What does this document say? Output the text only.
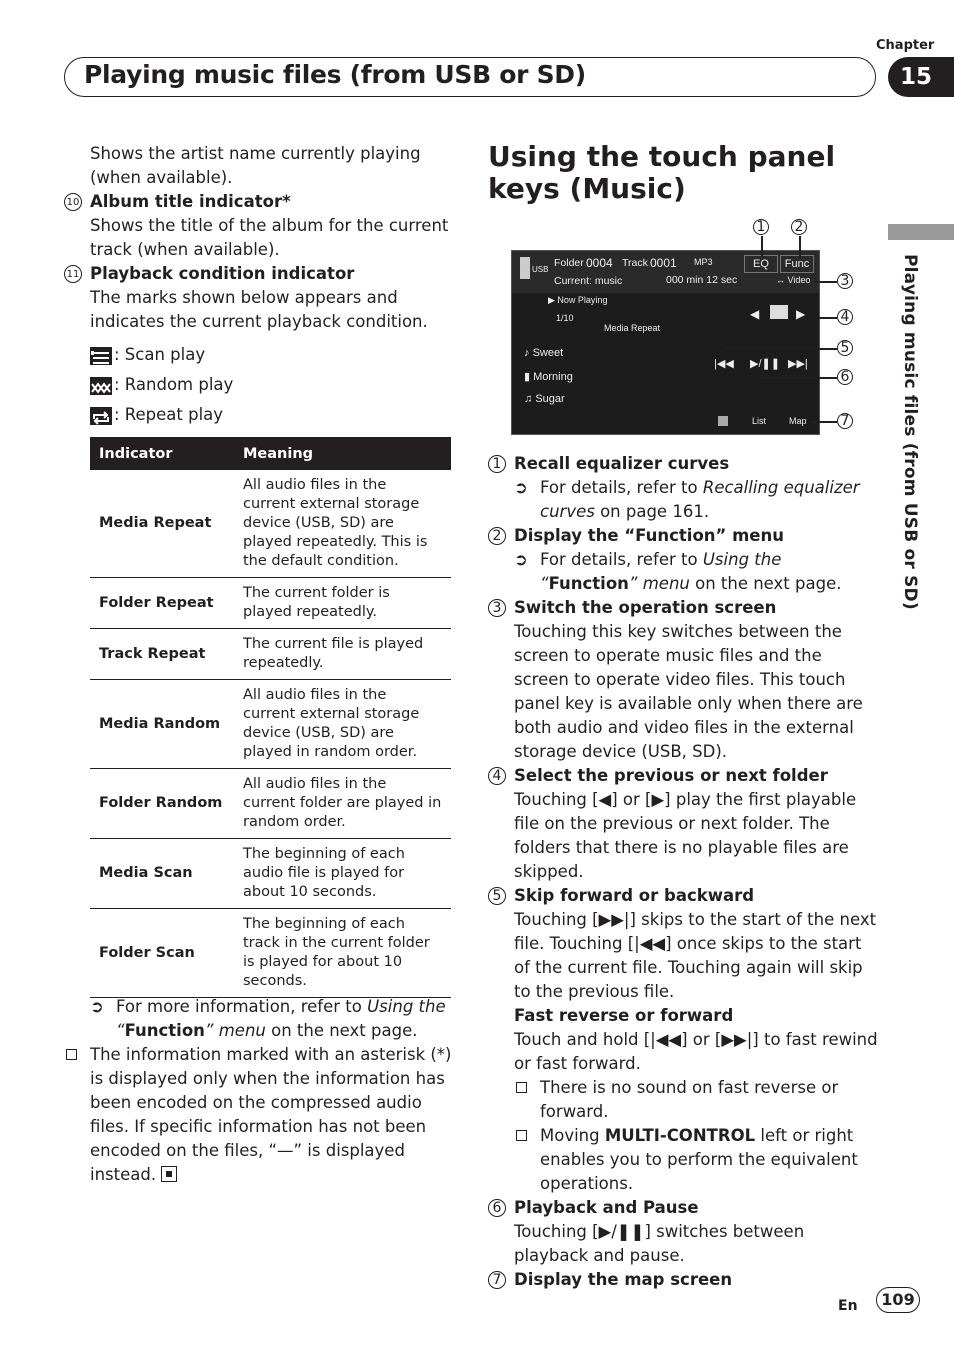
Chapter
Playing music files (from USB or SD)	15
Playing music files (from USB or SD)
Shows the artist name currently playing (when available).
10 Album title indicator*
Shows the title of the album for the current track (when available).
11 Playback condition indicator
The marks shown below appears and indicates the current playback condition.
: Scan play
: Random play
: Repeat play
Indicator	Meaning
Media Repeat	All audio files in the current external storage device (USB, SD) are played repeatedly. This is the default condition.
Folder Repeat	The current folder is played repeatedly.
Track Repeat	The current file is played repeatedly.
Media Random	All audio files in the current external storage device (USB, SD) are played in random order.
Folder Random	All audio files in the current folder are played in random order.
Media Scan	The beginning of each audio file is played for about 10 seconds.
Folder Scan	The beginning of each track in the current folder is played for about 10 seconds.
➲ For more information, refer to Using the “Function” menu on the next page.
The information marked with an asterisk (*) is displayed only when the information has been encoded on the compressed audio files. If specific information has not been encoded on the files, “—” is displayed instead.
Using the touch panel keys (Music)
USB
Folder 0004 Track 0001 MP3	EQ	Func
Current: music	000 min 12 sec	↔ Video
▶ Now Playing
1/10
Media Repeat
◀	▶
♪ Sweet
▮ Morning
♫ Sugar
|◀◀ ▶/❚❚ ▶▶|
List	Map
1 2
3
4
5
6
7
1 Recall equalizer curves
➲ For details, refer to Recalling equalizer curves on page 161.
2 Display the “Function” menu
➲ For details, refer to Using the “Function” menu on the next page.
3 Switch the operation screen
Touching this key switches between the screen to operate music files and the screen to operate video files. This touch panel key is available only when there are both audio and video files in the external storage device (USB, SD).
4 Select the previous or next folder
Touching [◀] or [▶] play the first playable file on the previous or next folder. The folders that there is no playable files are skipped.
5 Skip forward or backward
Touching [▶▶|] skips to the start of the next file. Touching [|◀◀] once skips to the start of the current file. Touching again will skip to the previous file.
Fast reverse or forward
Touch and hold [|◀◀] or [▶▶|] to fast rewind or fast forward.
There is no sound on fast reverse or forward.
Moving MULTI-CONTROL left or right enables you to perform the equivalent operations.
6 Playback and Pause
Touching [▶/❚❚] switches between playback and pause.
7 Display the map screen
En	109
